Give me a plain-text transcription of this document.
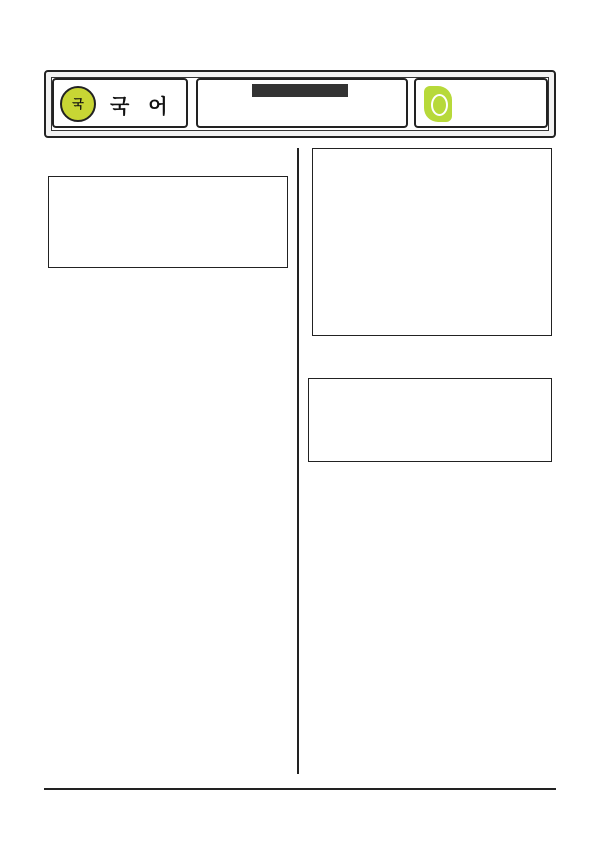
국	국 어
